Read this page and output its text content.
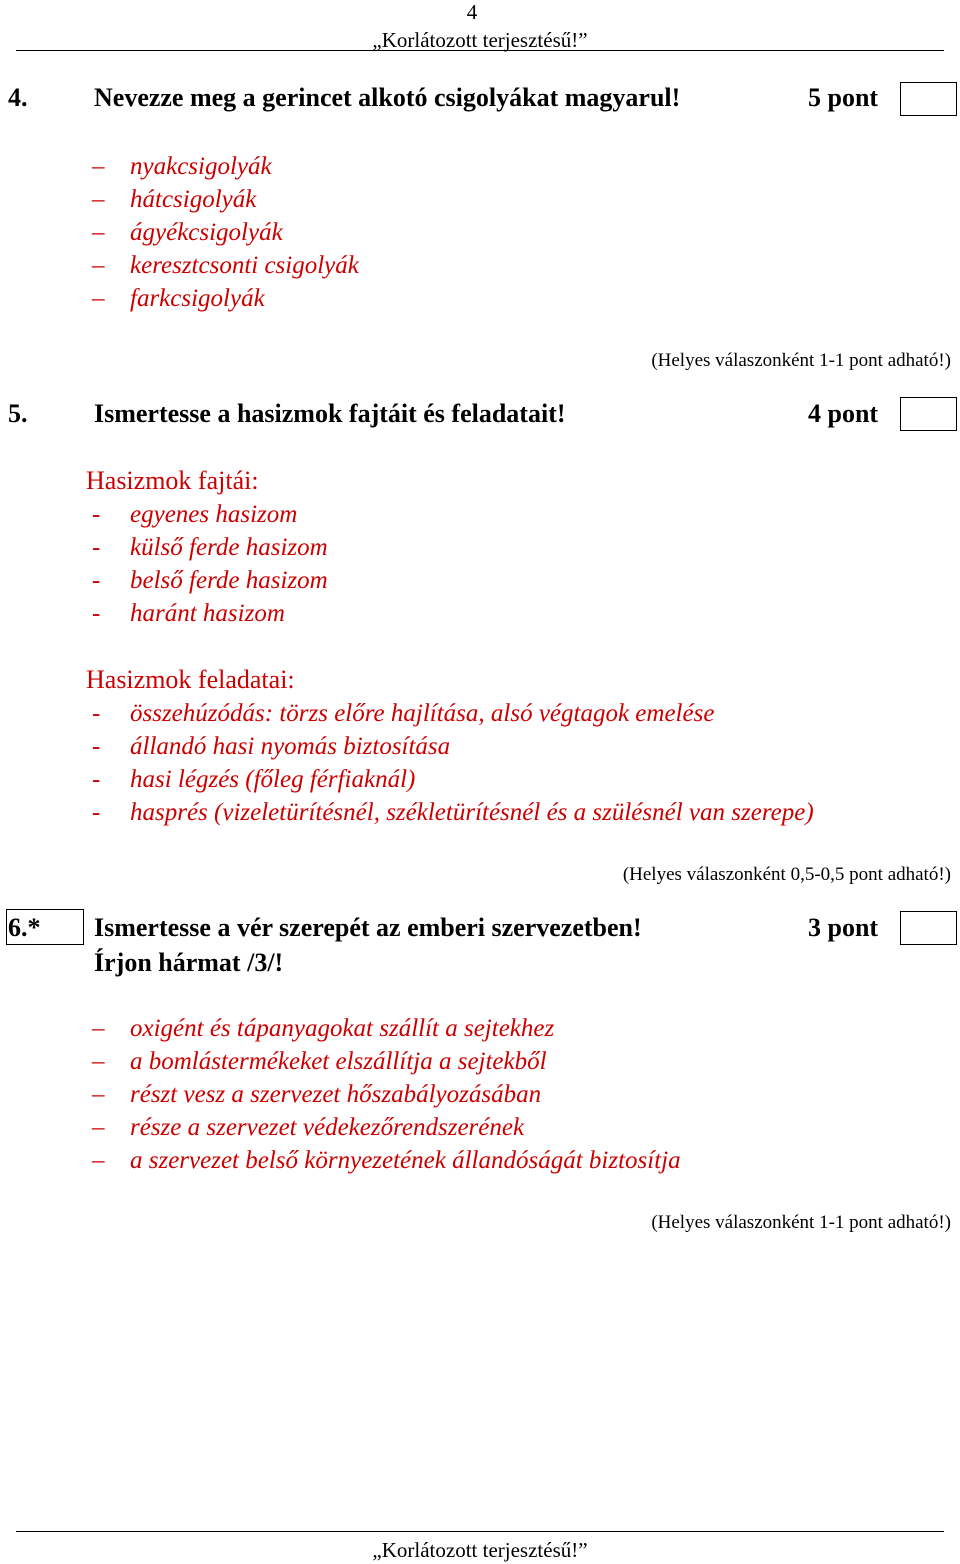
4
„Korlátozott terjesztésű!”
4.	Nevezze meg a gerincet alkotó csigolyákat magyarul!	5 pont
– nyakcsigolyák
– hátcsigolyák
– ágyékcsigolyák
– keresztcsonti csigolyák
– farkcsigolyák
(Helyes válaszonként 1-1 pont adható!)
5.	Ismertesse a hasizmok fajtáit és feladatait!	4 pont
Hasizmok fajtái:
- egyenes hasizom
- külső ferde hasizom
- belső ferde hasizom
- haránt hasizom
Hasizmok feladatai:
- összehúzódás: törzs előre hajlítása, alsó végtagok emelése
- állandó hasi nyomás biztosítása
- hasi légzés (főleg férfiaknál)
- hasprés (vizeletürítésnél, székletürítésnél és a szülésnél van szerepe)
(Helyes válaszonként 0,5-0,5 pont adható!)
6.* Ismertesse a vér szerepét az emberi szervezetben!
Írjon hármat /3/!
3 pont
– oxigént és tápanyagokat szállít a sejtekhez
– a bomlástermékeket elszállítja a sejtekből
– részt vesz a szervezet hőszabályozásában
– része a szervezet védekezőrendszerének
– a szervezet belső környezetének állandóságát biztosítja
(Helyes válaszonként 1-1 pont adható!)
„Korlátozott terjesztésű!”
